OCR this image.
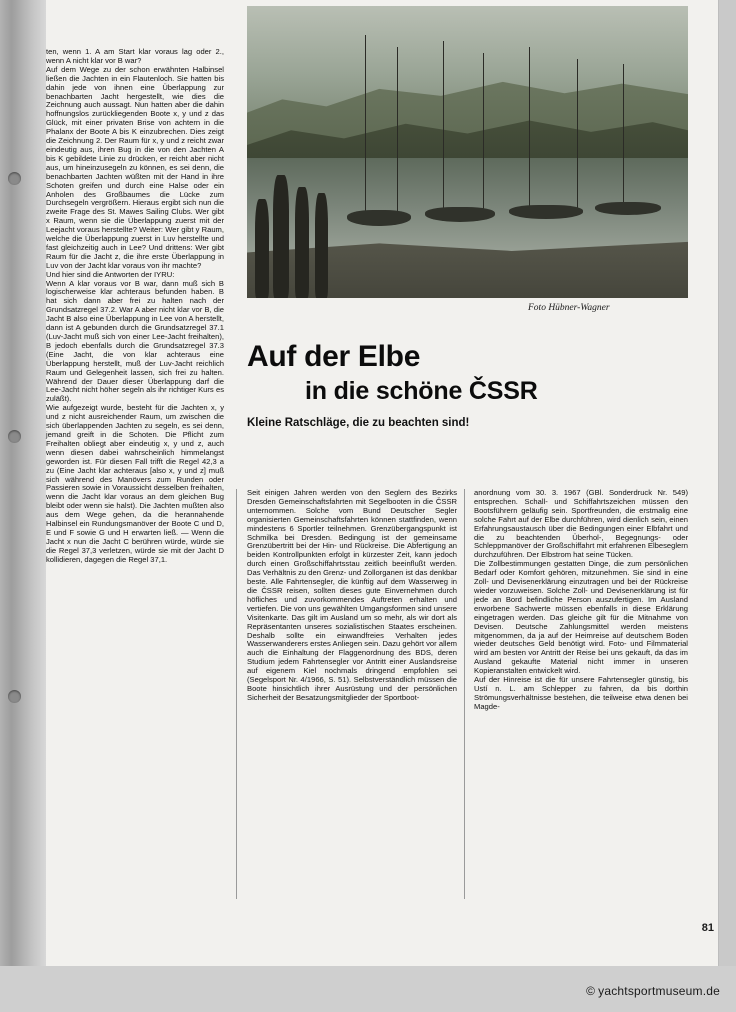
Foto Hübner-Wagner
Auf der Elbe
in die schöne ČSSR
Kleine Ratschläge, die zu beachten sind!

ten, wenn 1. A am Start klar voraus lag oder 2., wenn A nicht klar vor B war?

Auf dem Wege zu der schon erwähnten Halbinsel ließen die Jachten in ein Flautenloch. Sie hatten bis dahin jede von ihnen eine Überlappung zur benachbarten Jacht hergestellt, wie dies die Zeichnung auch aussagt. Nun hatten aber die dahin hoffnungslos zurückliegenden Boote x, y und z das Glück, mit einer privaten Brise von achtern in die Phalanx der Boote A bis K einzubrechen. Dies zeigt die Zeichnung 2. Der Raum für x, y und z reicht zwar eindeutig aus, ihren Bug in die von den Jachten A bis K gebildete Linie zu drücken, er reicht aber nicht aus, um hineinzusegeln zu können, es sei denn, die benachbarten Jachten wüßten mit der Hand in ihre Schoten greifen und durch eine Halse oder ein Anholen des Großbaumes die Lücke zum Durchsegeln vergrößern. Hieraus ergibt sich nun die zweite Frage des St. Mawes Sailing Clubs. Wer gibt x Raum, wenn sie die Überlappung zuerst mit der Leejacht voraus herstellte? Weiter: Wer gibt y Raum, welche die Überlappung zuerst in Luv herstellte und fast gleichzeitig auch in Lee? Und drittens: Wer gibt Raum für die Jacht z, die ihre erste Überlappung in Luv von der Jacht klar voraus von ihr machte?

Und hier sind die Antworten der IYRU:

Wenn A klar voraus vor B war, dann muß sich B logischerweise klar achteraus befunden haben. B hat sich dann aber frei zu halten nach der Grundsatzregel 37.2. War A aber nicht klar vor B, die Jacht B also eine Überlappung in Lee von A herstellt, dann ist A gebunden durch die Grundsatzregel 37.1 (Luv-Jacht muß sich von einer Lee-Jacht freihalten), B jedoch ebenfalls durch die Grundsatzregel 37.3 (Eine Jacht, die von klar achteraus eine Überlappung herstellt, muß der Luv-Jacht reichlich Raum und Gelegenheit lassen, sich frei zu halten. Während der Dauer dieser Überlappung darf die Lee-Jacht nicht höher segeln als ihr richtiger Kurs es zuläßt).

Wie aufgezeigt wurde, besteht für die Jachten x, y und z nicht ausreichender Raum, um zwischen die sich überlappenden Jachten zu segeln, es sei denn, jemand greift in die Schoten. Die Pflicht zum Freihalten obliegt aber eindeutig x, y und z, auch wenn diesen dabei wahrscheinlich himmelangst geworden ist. Für diesen Fall trifft die Regel 42,3 a zu (Eine Jacht klar achteraus [also x, y und z] muß sich während des Manövers zum Runden oder Passieren sowie in Voraussicht desselben freihalten, wenn die Jacht klar voraus an dem gleichen Bug bleibt oder wenn sie halst). Die Jachten mußten also aus dem Wege gehen, da die herannahende Halbinsel ein Rundungsmanöver der Boote C und D, E und F sowie G und H erwarten ließ. — Wenn die Jacht x nun die Jacht C berühren würde, würde sie die Regel 37,3 verletzen, würde sie mit der Jacht D kollidieren, dagegen die Regel 37,1.

Seit einigen Jahren werden von den Seglern des Bezirks Dresden Gemeinschaftsfahrten mit Segelbooten in die ČSSR unternommen. Solche vom Bund Deutscher Segler organisierten Gemeinschaftsfahrten können stattfinden, wenn mindestens 6 Sportler teilnehmen. Grenzübergangspunkt ist Schmilka bei Dresden. Bedingung ist der gemeinsame Grenzübertritt bei der Hin- und Rückreise. Die Abfertigung an beiden Kontrollpunkten erfolgt in kürzester Zeit, kann jedoch durch einen Großschiffahrtsstau zeitlich beeinflußt werden. Das Verhältnis zu den Grenz- und Zollorganen ist das denkbar beste. Alle Fahrtensegler, die künftig auf dem Wasserweg in die ČSSR reisen, sollten dieses gute Einvernehmen durch höfliches und zuvorkommendes Auftreten erhalten und vertiefen. Die von uns gewählten Umgangsformen sind unsere Visitenkarte. Das gilt im Ausland um so mehr, als wir dort als Repräsentanten unseres sozialistischen Staates erscheinen. Deshalb sollte ein einwandfreies Verhalten jedes Wasserwanderers erstes Anliegen sein. Dazu gehört vor allem auch die Einhaltung der Flaggenordnung des BDS, deren Studium jedem Fahrtensegler vor Antritt einer Auslandsreise auf eigenem Kiel nochmals dringend empfohlen sei (Segelsport Nr. 4/1966, S. 51). Selbstverständlich müssen die Boote hinsichtlich ihrer Ausrüstung und der persönlichen Sicherheit der Besatzungsmitglieder der Sportboot-

anordnung vom 30. 3. 1967 (GBl. Sonderdruck Nr. 549) entsprechen. Schall- und Schiffahrtszeichen müssen den Bootsführern geläufig sein. Sportfreunden, die erstmalig eine solche Fahrt auf der Elbe durchführen, wird dienlich sein, einen Erfahrungsaustausch über die Bedingungen einer Elbfahrt und die zu beachtenden Überhol-, Begegnungs- oder Schleppmanöver der Großschiffahrt mit erfahrenen Elbeseglern durchzuführen. Der Elbstrom hat seine Tücken.

Die Zollbestimmungen gestatten Dinge, die zum persönlichen Bedarf oder Komfort gehören, mitzunehmen. Sie sind in eine Zoll- und Devisenerklärung einzutragen und bei der Rückreise wieder vorzuweisen. Solche Zoll- und Devisenerklärung ist für jede an Bord befindliche Person auszufertigen. Im Ausland erworbene Sachwerte müssen ebenfalls in diese Erklärung eingetragen werden. Das gleiche gilt für die Mitnahme von Devisen. Deutsche Zahlungsmittel werden meistens mitgenommen, da ja auf der Heimreise auf deutschem Boden wieder deutsches Geld benötigt wird. Foto- und Filmmaterial wird am besten vor Antritt der Reise bei uns gekauft, da das im Ausland gekaufte Material nicht immer in unseren Kopieranstalten entwickelt wird.

Auf der Hinreise ist die für unsere Fahrtensegler günstig, bis Ustí n. L. am Schlepper zu fahren, da bis dorthin Strömungsverhältnisse bestehen, die teilweise etwa denen bei Magde-

81
© yachtsportmuseum.de
